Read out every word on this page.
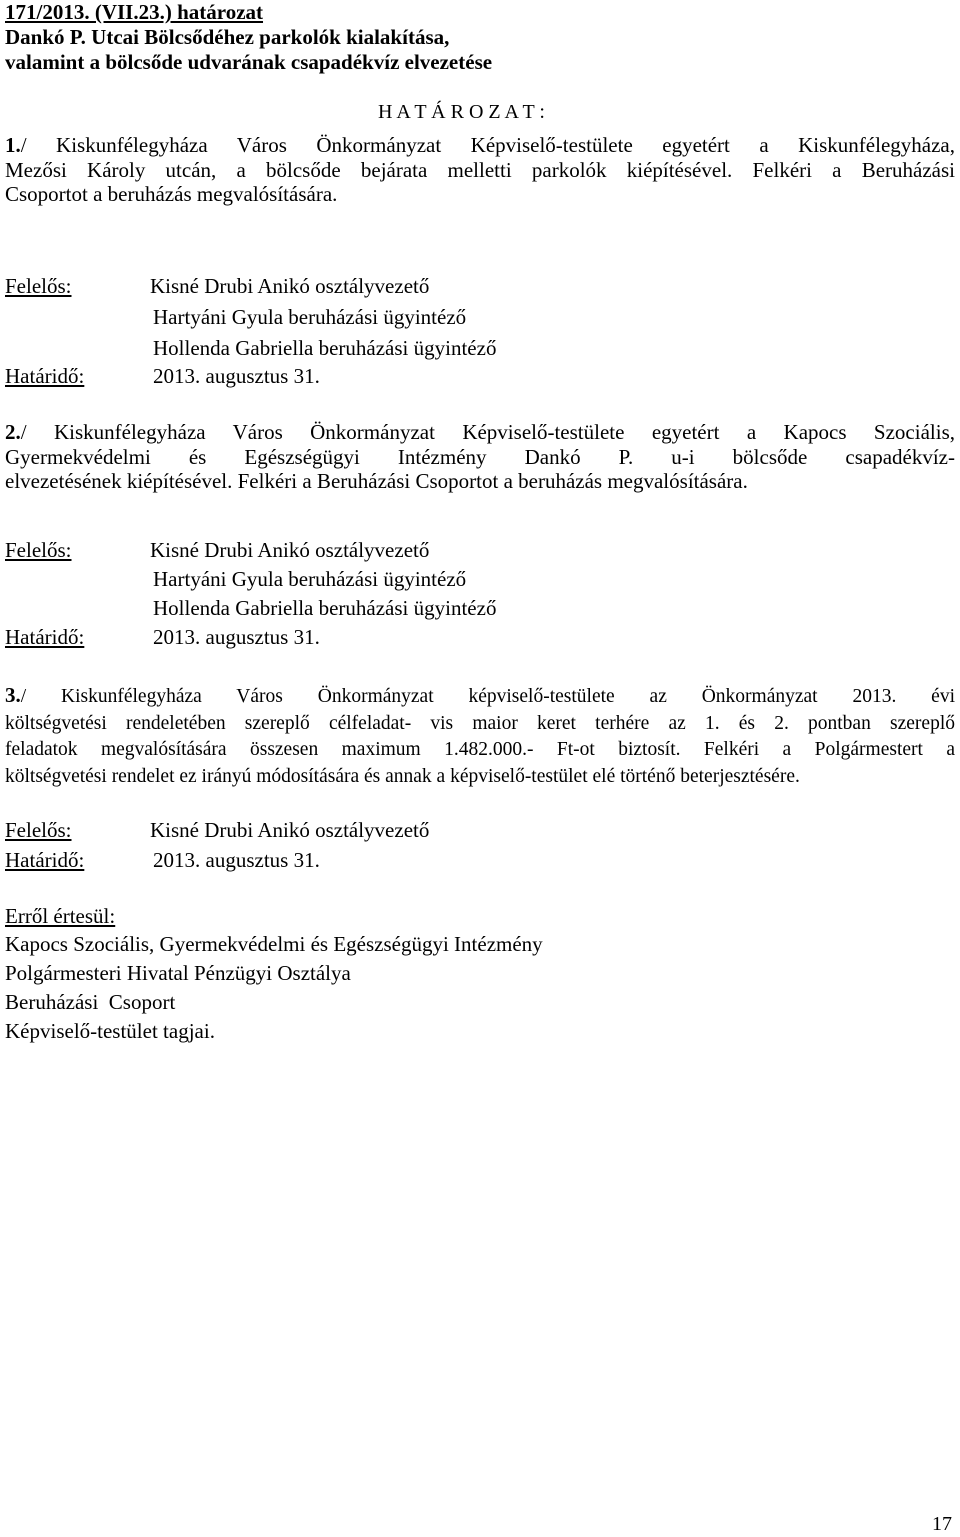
171/2013. (VII.23.) határozat
Dankó P. Utcai Bölcsődéhez parkolók kialakítása,
valamint a bölcsőde udvarának csapadékvíz elvezetése
H A T Á R O Z A T :
1./ Kiskunfélegyháza Város Önkormányzat Képviselő-testülete egyetért a Kiskunfélegyháza,
Mezősi Károly utcán, a bölcsőde bejárata melletti parkolók kiépítésével. Felkéri a Beruházási
Csoportot a beruházás megvalósítására.
Felelős:	Kisné Drubi Anikó osztályvezető
Hartyáni Gyula beruházási ügyintéző
Hollenda Gabriella beruházási ügyintéző
Határidő:	2013. augusztus 31.
2./ Kiskunfélegyháza Város Önkormányzat Képviselő-testülete egyetért a Kapocs Szociális,
Gyermekvédelmi és Egészségügyi Intézmény Dankó P. u-i bölcsőde csapadékvíz-
elvezetésének kiépítésével. Felkéri a Beruházási Csoportot a beruházás megvalósítására.
Felelős:	Kisné Drubi Anikó osztályvezető
Hartyáni Gyula beruházási ügyintéző
Hollenda Gabriella beruházási ügyintéző
Határidő:	2013. augusztus 31.
3./ Kiskunfélegyháza Város Önkormányzat képviselő-testülete az Önkormányzat 2013. évi
költségvetési rendeletében szereplő célfeladat- vis maior keret terhére az 1. és 2. pontban szereplő
feladatok megvalósítására összesen maximum 1.482.000.- Ft-ot biztosít. Felkéri a Polgármestert a
költségvetési rendelet ez irányú módosítására és annak a képviselő-testület elé történő beterjesztésére.
Felelős:	Kisné Drubi Anikó osztályvezető
Határidő:	2013. augusztus 31.
Erről értesül:
Kapocs Szociális, Gyermekvédelmi és Egészségügyi Intézmény
Polgármesteri Hivatal Pénzügyi Osztálya
Beruházási  Csoport
Képviselő-testület tagjai.
17
